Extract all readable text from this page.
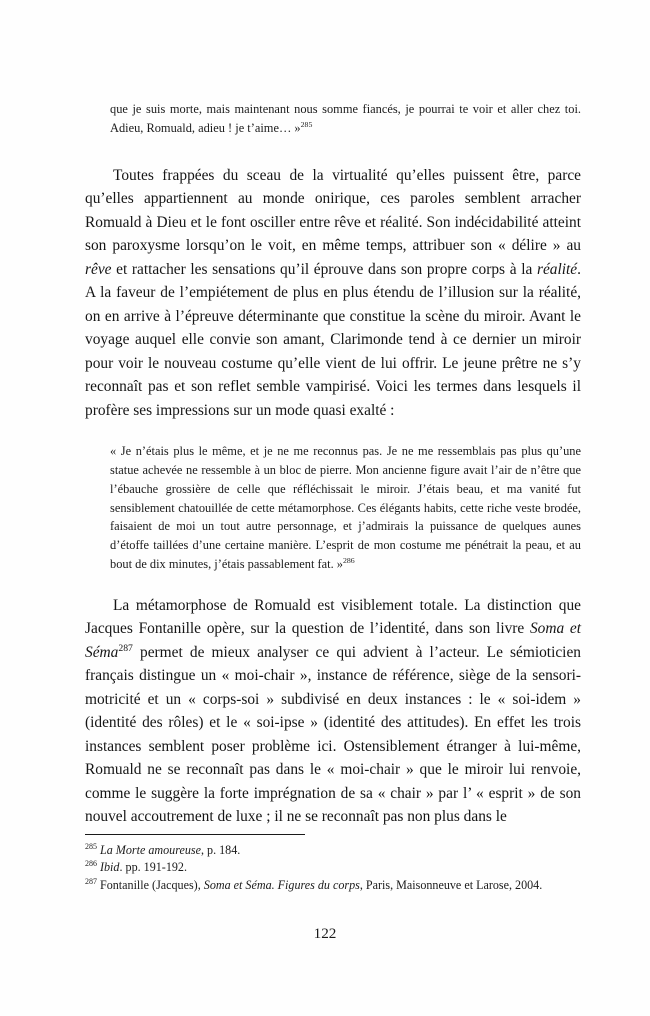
que je suis morte, mais maintenant nous somme fiancés, je pourrai te voir et aller chez toi. Adieu, Romuald, adieu ! je t’aime… »$^{285}$

Toutes frappées du sceau de la virtualité qu’elles puissent être, parce qu’elles appartiennent au monde onirique, ces paroles semblent arracher Romuald à Dieu et le font osciller entre rêve et réalité. Son indécidabilité atteint son paroxysme lorsqu’on le voit, en même temps, attribuer son « délire » au rêve et rattacher les sensations qu’il éprouve dans son propre corps à la réalité. A la faveur de l’empiétement de plus en plus étendu de l’illusion sur la réalité, on en arrive à l’épreuve déterminante que constitue la scène du miroir. Avant le voyage auquel elle convie son amant, Clarimonde tend à ce dernier un miroir pour voir le nouveau costume qu’elle vient de lui offrir. Le jeune prêtre ne s’y reconnaît pas et son reflet semble vampirisé. Voici les termes dans lesquels il profère ses impressions sur un mode quasi exalté :

« Je n’étais plus le même, et je ne me reconnus pas. Je ne me ressemblais pas plus qu’une statue achevée ne ressemble à un bloc de pierre. Mon ancienne figure avait l’air de n’être que l’ébauche grossière de celle que réfléchissait le miroir. J’étais beau, et ma vanité fut sensiblement chatouillée de cette métamorphose. Ces élégants habits, cette riche veste brodée, faisaient de moi un tout autre personnage, et j’admirais la puissance de quelques aunes d’étoffe taillées d’une certaine manière. L’esprit de mon costume me pénétrait la peau, et au bout de dix minutes, j’étais passablement fat. »$^{286}$

La métamorphose de Romuald est visiblement totale. La distinction que Jacques Fontanille opère, sur la question de l’identité, dans son livre Soma et Séma$^{287}$ permet de mieux analyser ce qui advient à l’acteur. Le sémioticien français distingue un « moi-chair », instance de référence, siège de la sensori-motricité et un « corps-soi » subdivisé en deux instances : le « soi-idem » (identité des rôles) et le « soi-ipse » (identité des attitudes). En effet les trois instances semblent poser problème ici. Ostensiblement étranger à lui-même, Romuald ne se reconnaît pas dans le « moi-chair » que le miroir lui renvoie, comme le suggère la forte imprégnation de sa « chair » par l’ « esprit » de son nouvel accoutrement de luxe ; il ne se reconnaît pas non plus dans le

$^{285}$ La Morte amoureuse, p. 184.

$^{286}$ Ibid. pp. 191-192.

$^{287}$ Fontanille (Jacques), Soma et Séma. Figures du corps, Paris, Maisonneuve et Larose, 2004.

122
